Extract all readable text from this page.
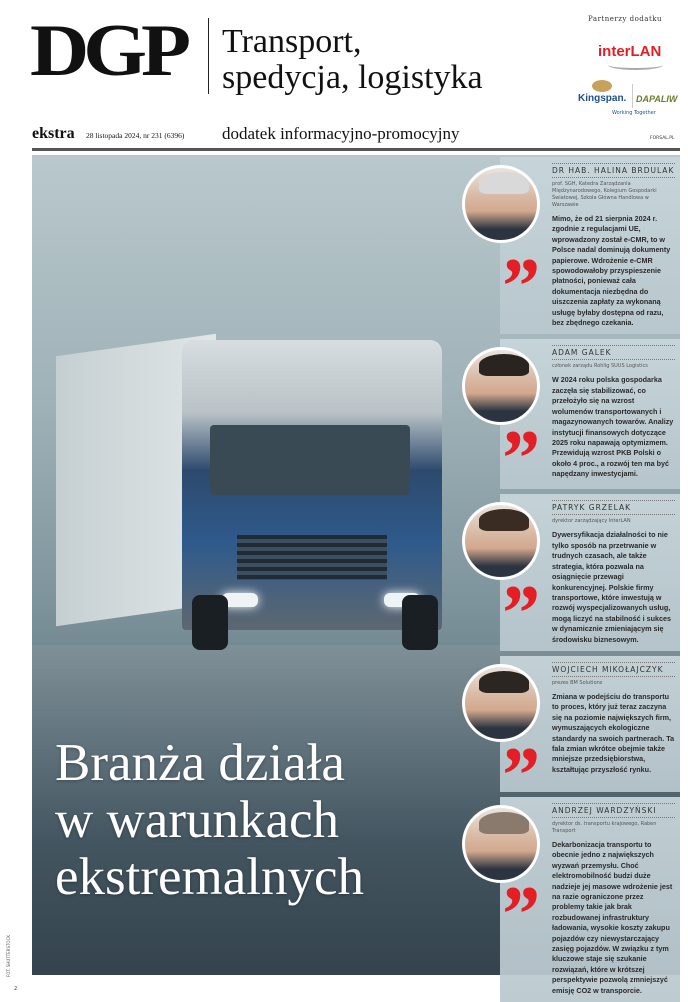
DGP Transport,
spedycja, logistyka
Partnerzy dodatku
interLAN
Kingspan. DAPALIW
Working Together
ekstra 28 listopada 2024, nr 231 (6396) dodatek informacyjno-promocyjny	FORSAL.PL
Branża działa
w warunkach
ekstremalnych
FOT. SHUTTERSTOCK
2
”
DR HAB. HALINA BRDULAK
prof. SGH, Katedra Zarządzania Międzynarodowego, Kolegium Gospodarki Światowej, Szkoła Główna Handlowa w Warszawie
Mimo, że od 21 sierpnia 2024 r. zgodnie z regulacjami UE, wprowadzony został e-CMR, to w Polsce nadal dominują dokumenty papierowe. Wdrożenie e-CMR spowodowałoby przyspieszenie płatności, ponieważ cała dokumentacja niezbędna do uiszczenia zapłaty za wykonaną usługę byłaby dostępna od razu, bez zbędnego czekania.
”
ADAM GALEK
członek zarządu Rohlig SUUS Logistics
W 2024 roku polska gospodarka zaczęła się stabilizować, co przełożyło się na wzrost wolumenów transportowanych i magazynowanych towarów. Analizy instytucji finansowych dotyczące 2025 roku napawają optymizmem. Przewidują wzrost PKB Polski o około 4 proc., a rozwój ten ma być napędzany inwestycjami.
”
PATRYK GRZELAK
dyrektor zarządzający InterLAN
Dywersyfikacja działalności to nie tylko sposób na przetrwanie w trudnych czasach, ale także strategia, która pozwala na osiągnięcie przewagi konkurencyjnej. Polskie firmy transportowe, które inwestują w rozwój wyspecjalizowanych usług, mogą liczyć na stabilność i sukces w dynamicznie zmieniającym się środowisku biznesowym.
”
WOJCIECH MIKOŁAJCZYK
prezes BM Solutions
Zmiana w podejściu do transportu to proces, który już teraz zaczyna się na poziomie największych firm, wymuszających ekologiczne standardy na swoich partnerach. Ta fala zmian wkrótce obejmie także mniejsze przedsiębiorstwa, kształtując przyszłość rynku.
”
ANDRZEJ WARDZYŃSKI
dyrektor ds. transportu krajowego, Raben Transport
Dekarbonizacja transportu to obecnie jedno z największych wyzwań przemysłu. Choć elektromobilność budzi duże nadzieje jej masowe wdrożenie jest na razie ograniczone przez problemy takie jak brak rozbudowanej infrastruktury ładowania, wysokie koszty zakupu pojazdów czy niewystarczający zasięg pojazdów. W związku z tym kluczowe staje się szukanie rozwiązań, które w krótszej perspektywie pozwolą zmniejszyć emisję CO2 w transporcie.
